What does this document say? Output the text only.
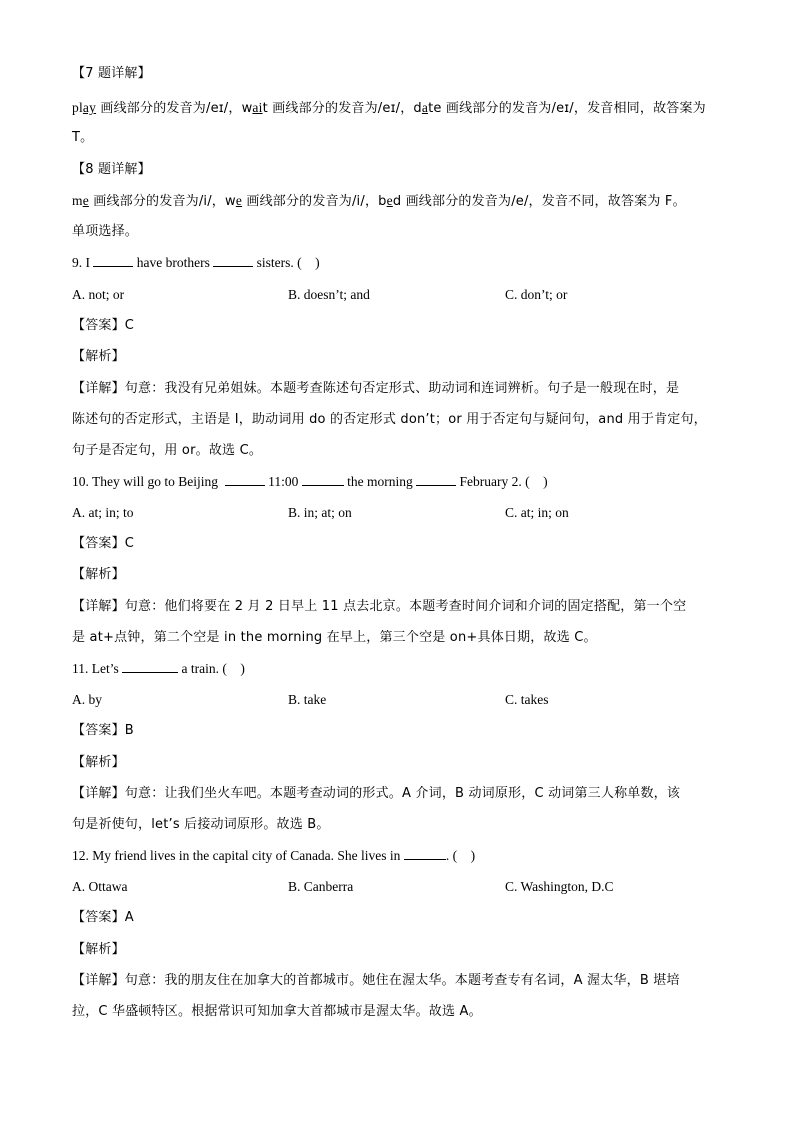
【7 题详解】
play 画线部分的发音为/eɪ/，wait 画线部分的发音为/eɪ/，date 画线部分的发音为/eɪ/，发音相同，故答案为
T。
【8 题详解】
me 画线部分的发音为/i/，we 画线部分的发音为/i/，bed 画线部分的发音为/e/，发音不同，故答案为 F。
单项选择。
9. I	have brothers	sisters. ( )
A. not; or	B. doesn’t; and	C. don’t; or
【答案】C
【解析】
【详解】句意：我没有兄弟姐妹。本题考查陈述句否定形式、助动词和连词辨析。句子是一般现在时，是
陈述句的否定形式，主语是 I，助动词用 do 的否定形式 don’t；or 用于否定句与疑问句，and 用于肯定句，
句子是否定句，用 or。故选 C。
10. They will go to Beijing	11:00	the morning	February 2. ( )
A. at; in; to	B. in; at; on	C. at; in; on
【答案】C
【解析】
【详解】句意：他们将要在 2 月 2 日早上 11 点去北京。本题考查时间介词和介词的固定搭配，第一个空
是 at+点钟，第二个空是 in the morning 在早上，第三个空是 on+具体日期，故选 C。
11. Let’s	a train. ( )
A. by	B. take	C. takes
【答案】B
【解析】
【详解】句意：让我们坐火车吧。本题考查动词的形式。A 介词，B 动词原形，C 动词第三人称单数，该
句是祈使句，let’s 后接动词原形。故选 B。
12. My friend lives in the capital city of Canada. She lives in	. ( )
A. Ottawa	B. Canberra	C. Washington, D.C
【答案】A
【解析】
【详解】句意：我的朋友住在加拿大的首都城市。她住在渥太华。本题考查专有名词，A 渥太华，B 堪培
拉，C 华盛顿特区。根据常识可知加拿大首都城市是渥太华。故选 A。
